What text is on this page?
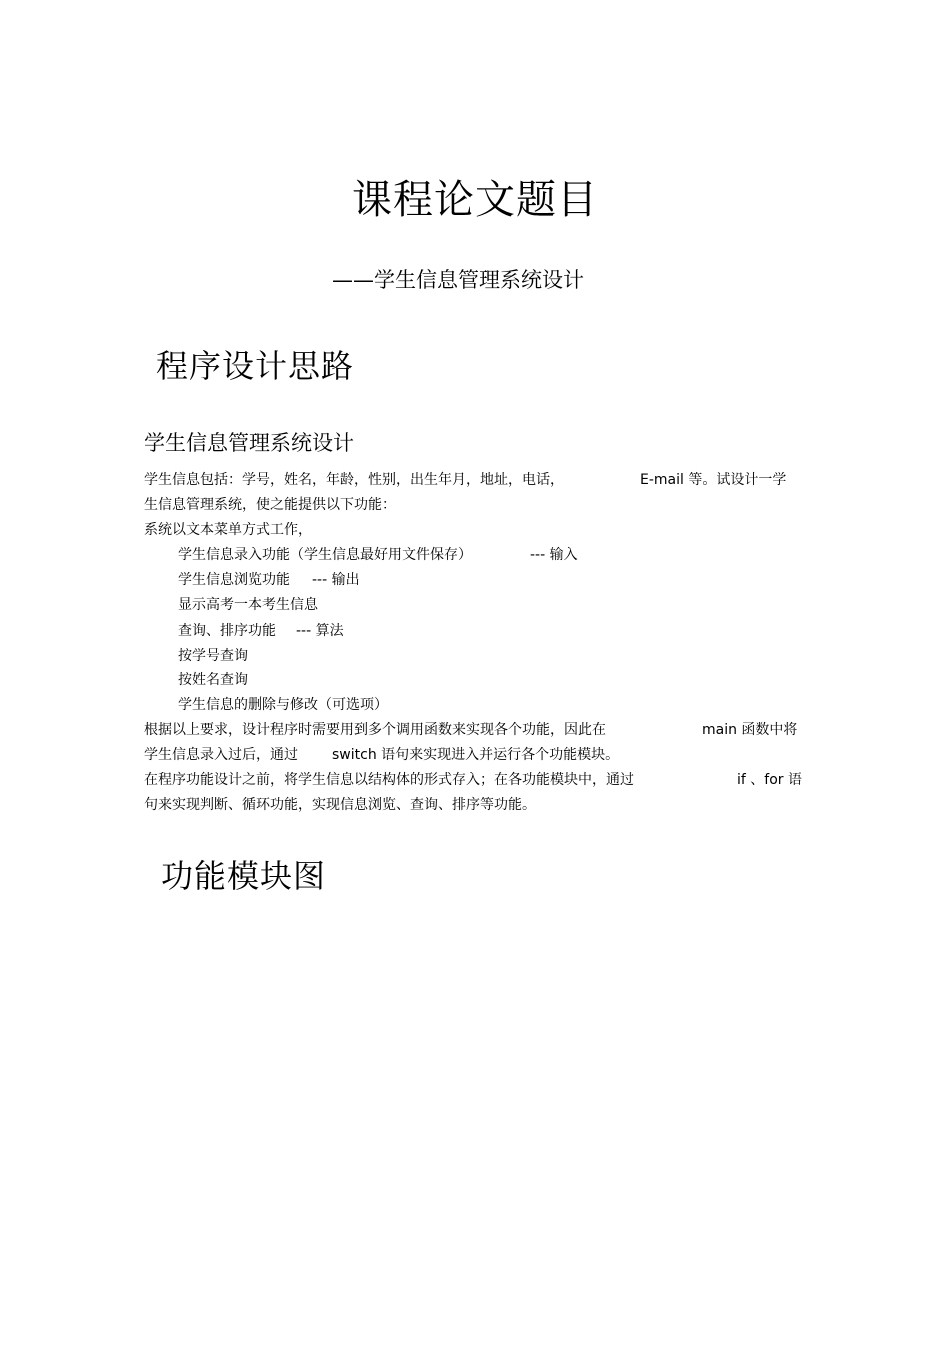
课程论文题目
——学生信息管理系统设计
程序设计思路
学生信息管理系统设计
学生信息包括：学号，姓名，年龄，性别，出生年月，地址，电话，	E-mail 等。试设计一学
生信息管理系统，使之能提供以下功能：
系统以文本菜单方式工作，
学生信息录入功能（学生信息最好用文件保存）	--- 输入
学生信息浏览功能 --- 输出
显示高考一本考生信息
查询、排序功能 --- 算法
按学号查询
按姓名查询
学生信息的删除与修改（可选项）
根据以上要求，设计程序时需要用到多个调用函数来实现各个功能，因此在	main 函数中将
学生信息录入过后，通过 switch 语句来实现进入并运行各个功能模块。
在程序功能设计之前，将学生信息以结构体的形式存入；在各功能模块中，通过	if 、for 语
句来实现判断、循环功能，实现信息浏览、查询、排序等功能。
功能模块图
